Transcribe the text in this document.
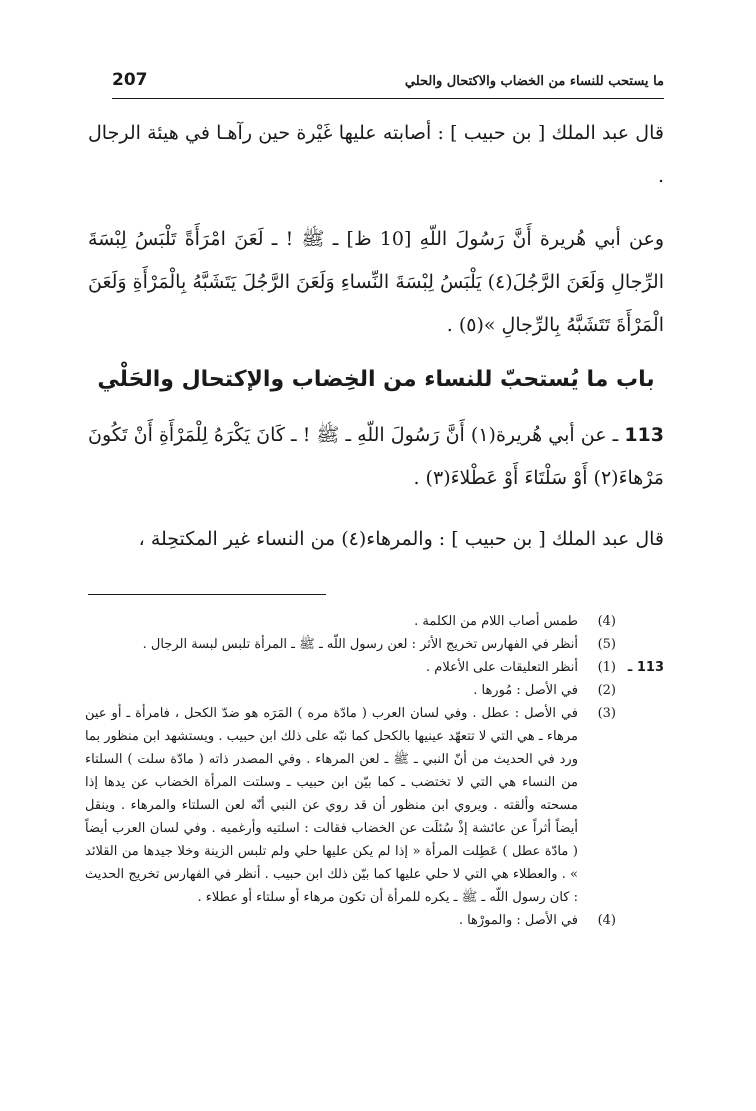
ما يستحب للنساء من الخضاب والاكتحال والحلي
207

قال عبد الملك [ بن حبيب ] : أصابته عليها غَيْرة حين رآهـا في هيئة الرجال .

وعن أبي هُريرة أَنَّ رَسُولَ اللّهِ [10 ظ] ـ ﷺ ! ـ لَعَنَ امْرَأَةً تَلْبَسُ لِبْسَةَ الرِّجالِ وَلَعَنَ الرَّجُلَ(٤) يَلْبَسُ لِبْسَةَ النِّساءِ وَلَعَنَ الرَّجُلَ يَتَشَبَّهُ بِالْمَرْأَةِ وَلَعَنَ الْمَرْأَةَ تَتَشَبَّهُ بِالرِّجالِ »(٥) .

باب ما يُستحبّ للنساء من الخِضاب والإكتحال والحَلْي

113 ـ عن أبي هُريرة(١) أَنَّ رَسُولَ اللّهِ ـ ﷺ ! ـ كَانَ يَكْرَهُ لِلْمَرْأَةِ أَنْ تَكُونَ مَرْهاءَ(٢) أَوْ سَلْتَاءَ أَوْ عَطْلاءَ(٣) .

قال عبد الملك [ بن حبيب ] : والمرهاء(٤) من النساء غير المكتحِلة ،

(4)
طمس أصاب اللام من الكلمة .
(5)
أنظر في الفهارس تخريج الأثر : لعن رسول اللّه ـ ﷺ ـ المرأة تلبس لبسة الرجال .
113 ـ
(1)
أنظر التعليقات على الأعلام .
(2)
في الأصل : مُورها .
(3)
في الأصل : عطل . وفي لسان العرب ( مادّة مره ) المَرَه هو ضدّ الكحل ، فامرأة ـ أو عين مرهاء ـ هي التي لا تتعهّد عينيها بالكحل كما نبّه على ذلك ابن حبيب . ويستشهد ابن منظور بما ورد في الحديث من أنّ النبي ـ ﷺ ـ لعن المرهاء . وفي المصدر ذاته ( مادّة سلت ) السلتاء من النساء هي التي لا تختضب ـ كما بيّن ابن حبيب ـ وسلتت المرأة الخضاب عن يدها إذا مسحته وألقته . ويروي ابن منظور أن قد روي عن النبي أنّه لعن السلتاء والمرهاء . وينقل أيضاً أثراً عن عائشة إذْ سُئلَت عن الخضاب فقالت : اسلتيه وأرغميه . وفي لسان العرب أيضاً ( مادّة عطل ) عَطِلت المرأة « إذا لم يكن عليها حلي ولم تلبس الزينة وخلا جيدها من القلائد » . والعطلاء هي التي لا حلي عليها كما بيّن ذلك ابن حبيب . أنظر في الفهارس تخريج الحديث : كان رسول اللّه ـ ﷺ ـ يكره للمرأة أن تكون مرهاء أو سلتاء أو عطلاء .
(4)
في الأصل : والمورْها .
